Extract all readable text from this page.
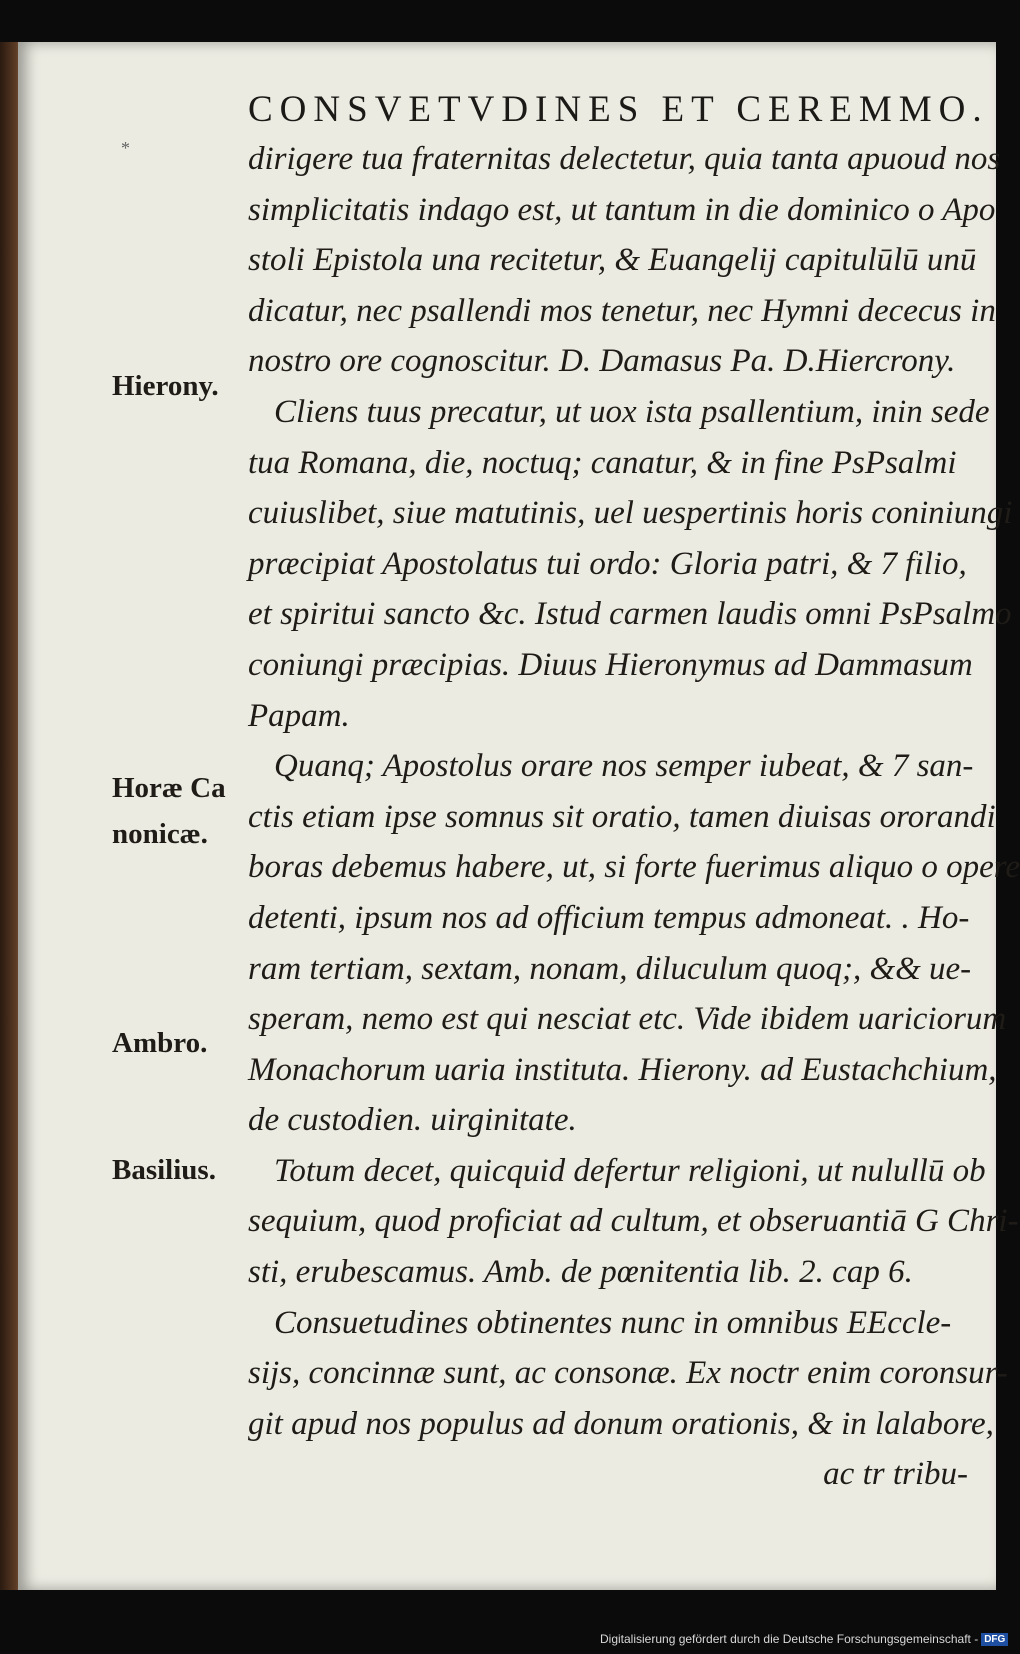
CONSVETVDINES ET CEREMMO.
*	dirigere tua fraternitas delectetur, quia tanta apuoud nos
simplicitatis indago est, ut tantum in die dominico o Apo
stoli Epistola una recitetur, & Euangelij capitulūlū unū
dicatur, nec psallendi mos tenetur, nec Hymni dececus in
nostro ore cognoscitur. D. Damasus Pa. D.Hiercrony.
Cliens tuus precatur, ut uox ista psallentium, inin sede
tua Romana, die, noctuq; canatur, & in fine PsPsalmi
cuiuslibet, siue matutinis, uel uespertinis horis coniniungi
præcipiat Apostolatus tui ordo: Gloria patri, & 7 filio,
et spiritui sancto &c. Istud carmen laudis omni PsPsalmo
coniungi præcipias. Diuus Hieronymus ad Dammasum
Papam.
Quanq; Apostolus orare nos semper iubeat, & 7 san-
ctis etiam ipse somnus sit oratio, tamen diuisas ororandi
boras debemus habere, ut, si forte fuerimus aliquo o opere
detenti, ipsum nos ad officium tempus admoneat. . Ho-
ram tertiam, sextam, nonam, diluculum quoq;, && ue-
speram, nemo est qui nesciat etc. Vide ibidem uariciorum
Monachorum uaria instituta. Hierony. ad Eustachchium,
de custodien. uirginitate.
Totum decet, quicquid defertur religioni, ut nulullū ob
sequium, quod proficiat ad cultum, et obseruantiā G Chri-
sti, erubescamus. Amb. de pœnitentia lib. 2. cap 6.
Consuetudines obtinentes nunc in omnibus EEccle-
sijs, concinnæ sunt, ac consonæ. Ex noctr enim coronsur-
git apud nos populus ad donum orationis, & in lalabore,
ac tr tribu-
Hierony.
Horæ Ca
nonicæ.
Ambro.
Basilius.
Digitalisierung gefördert durch die Deutsche Forschungsgemeinschaft - DFG
